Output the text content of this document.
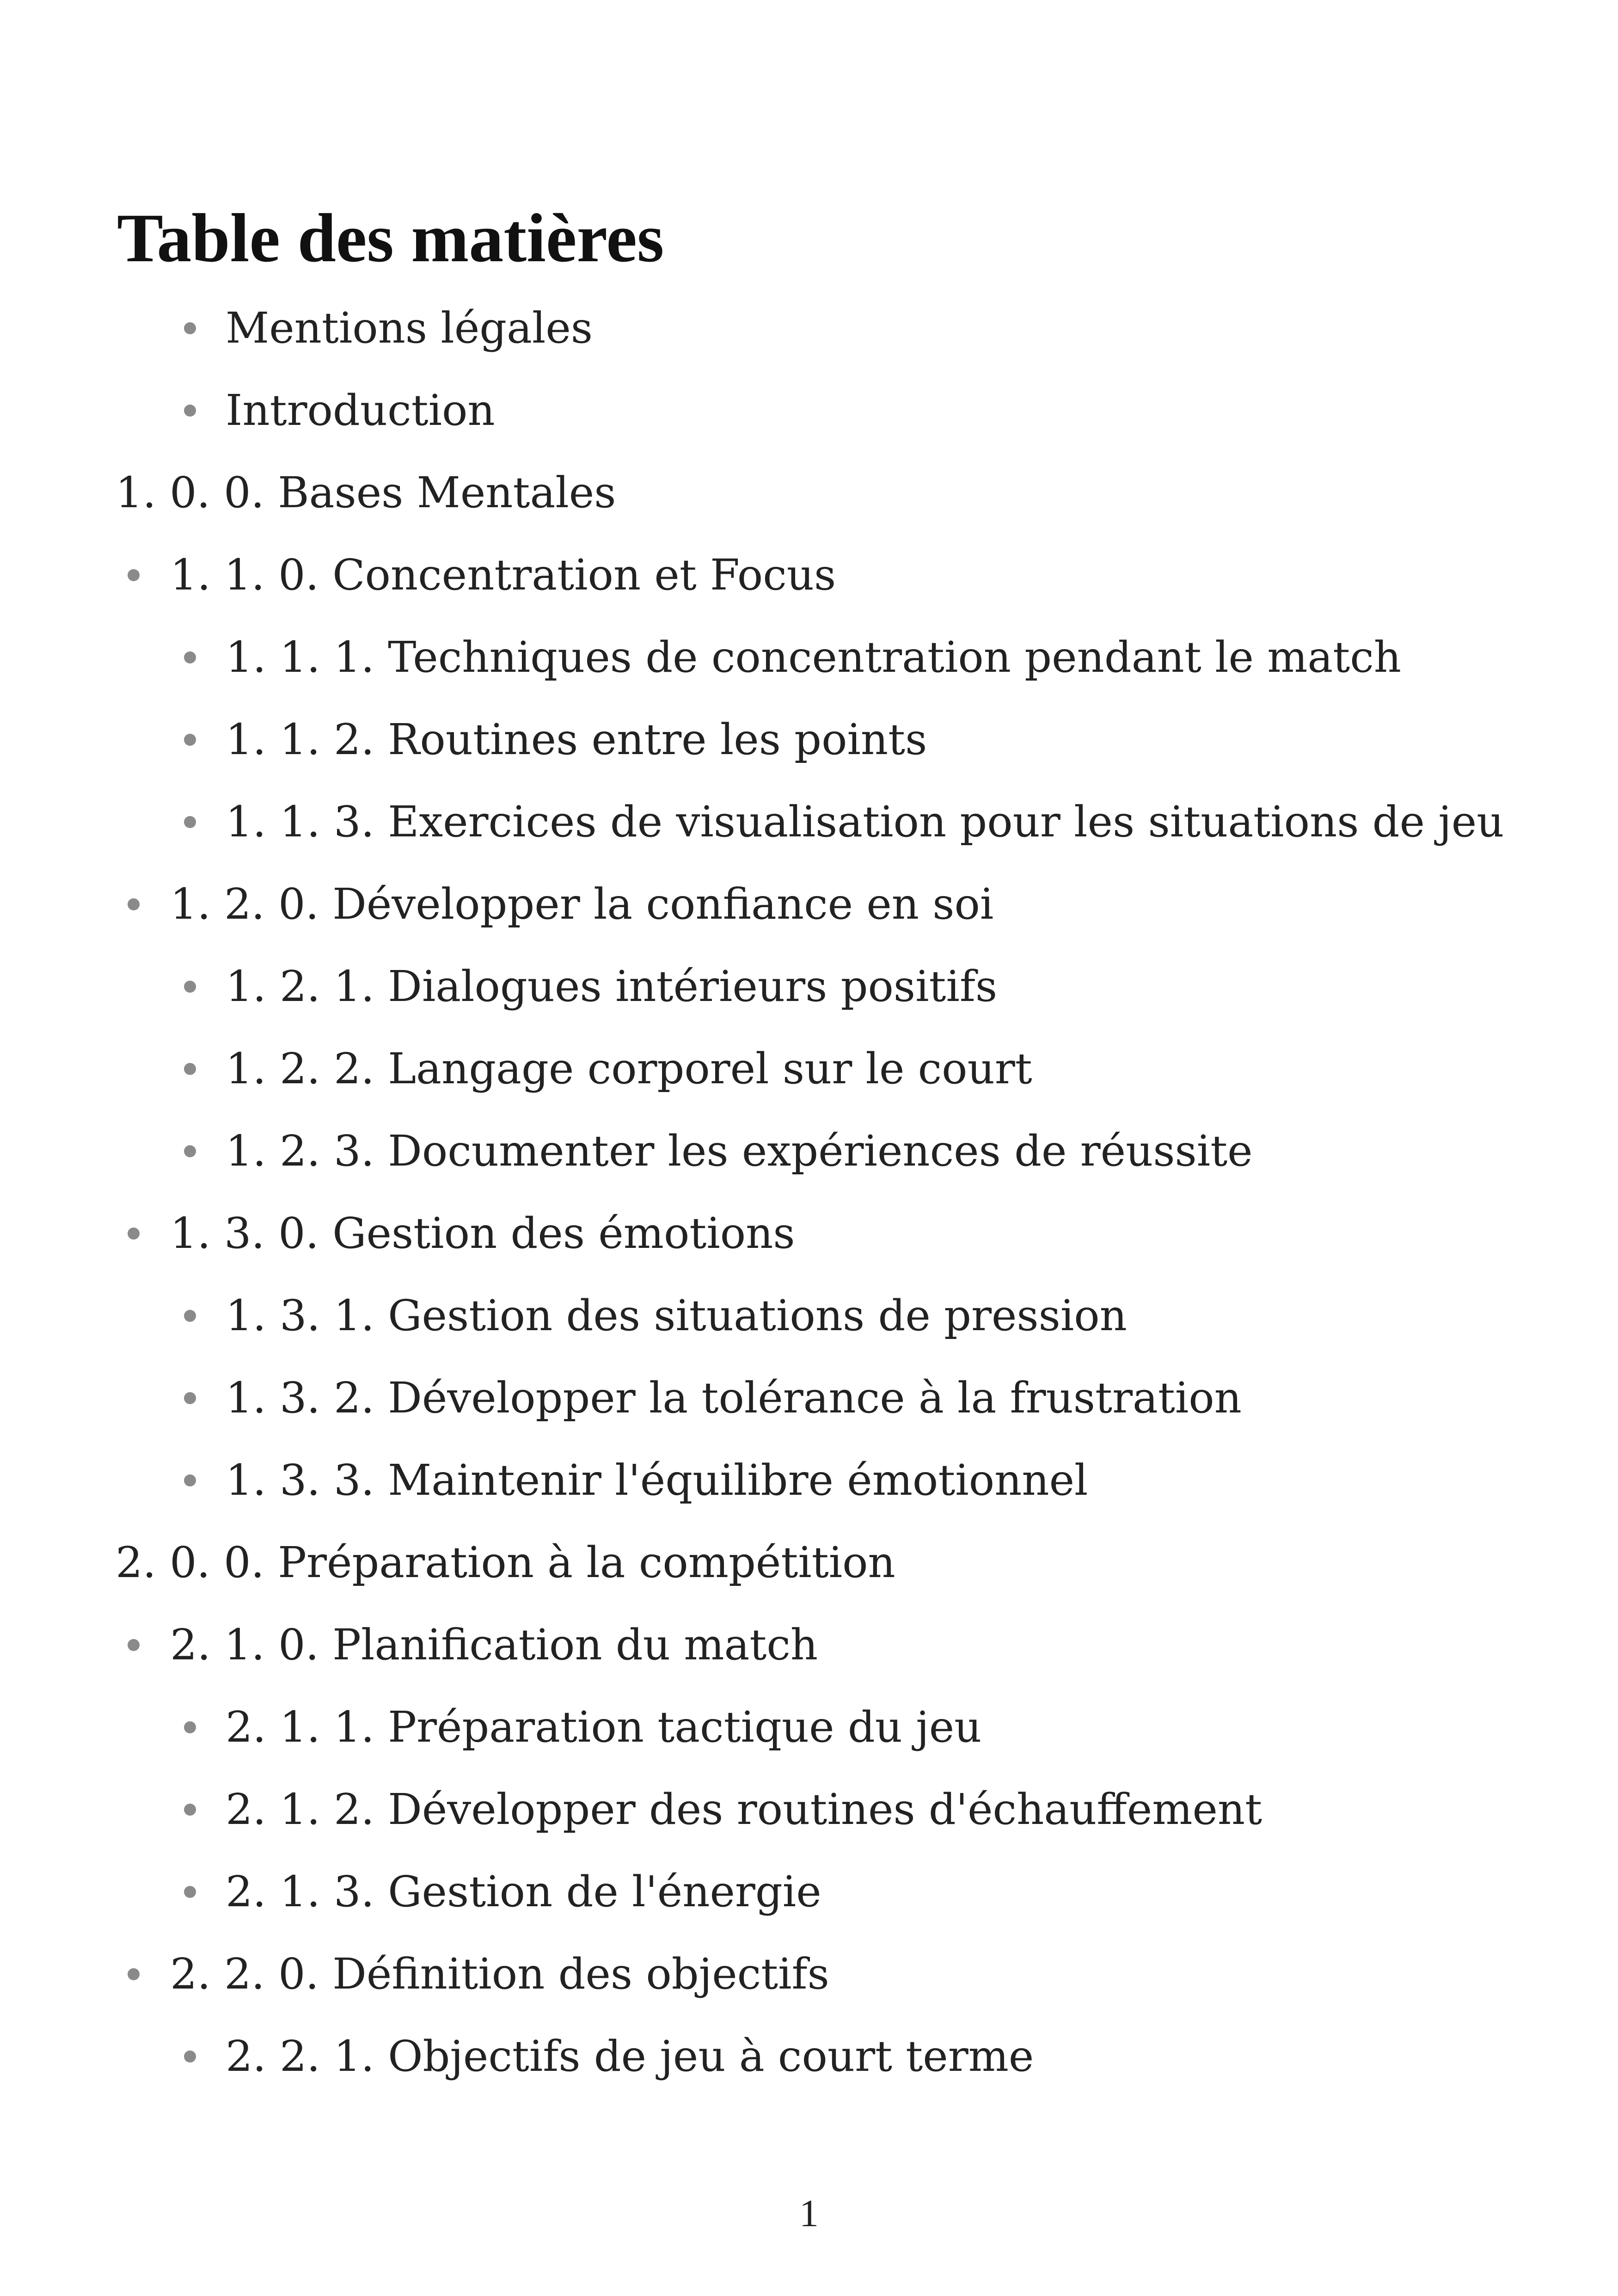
Table des matières
Mentions légales
Introduction
1. 0. 0. Bases Mentales
1. 1. 0. Concentration et Focus
1. 1. 1. Techniques de concentration pendant le match
1. 1. 2. Routines entre les points
1. 1. 3. Exercices de visualisation pour les situations de jeu
1. 2. 0. Développer la confiance en soi
1. 2. 1. Dialogues intérieurs positifs
1. 2. 2. Langage corporel sur le court
1. 2. 3. Documenter les expériences de réussite
1. 3. 0. Gestion des émotions
1. 3. 1. Gestion des situations de pression
1. 3. 2. Développer la tolérance à la frustration
1. 3. 3. Maintenir l'équilibre émotionnel
2. 0. 0. Préparation à la compétition
2. 1. 0. Planification du match
2. 1. 1. Préparation tactique du jeu
2. 1. 2. Développer des routines d'échauffement
2. 1. 3. Gestion de l'énergie
2. 2. 0. Définition des objectifs
2. 2. 1. Objectifs de jeu à court terme
1
